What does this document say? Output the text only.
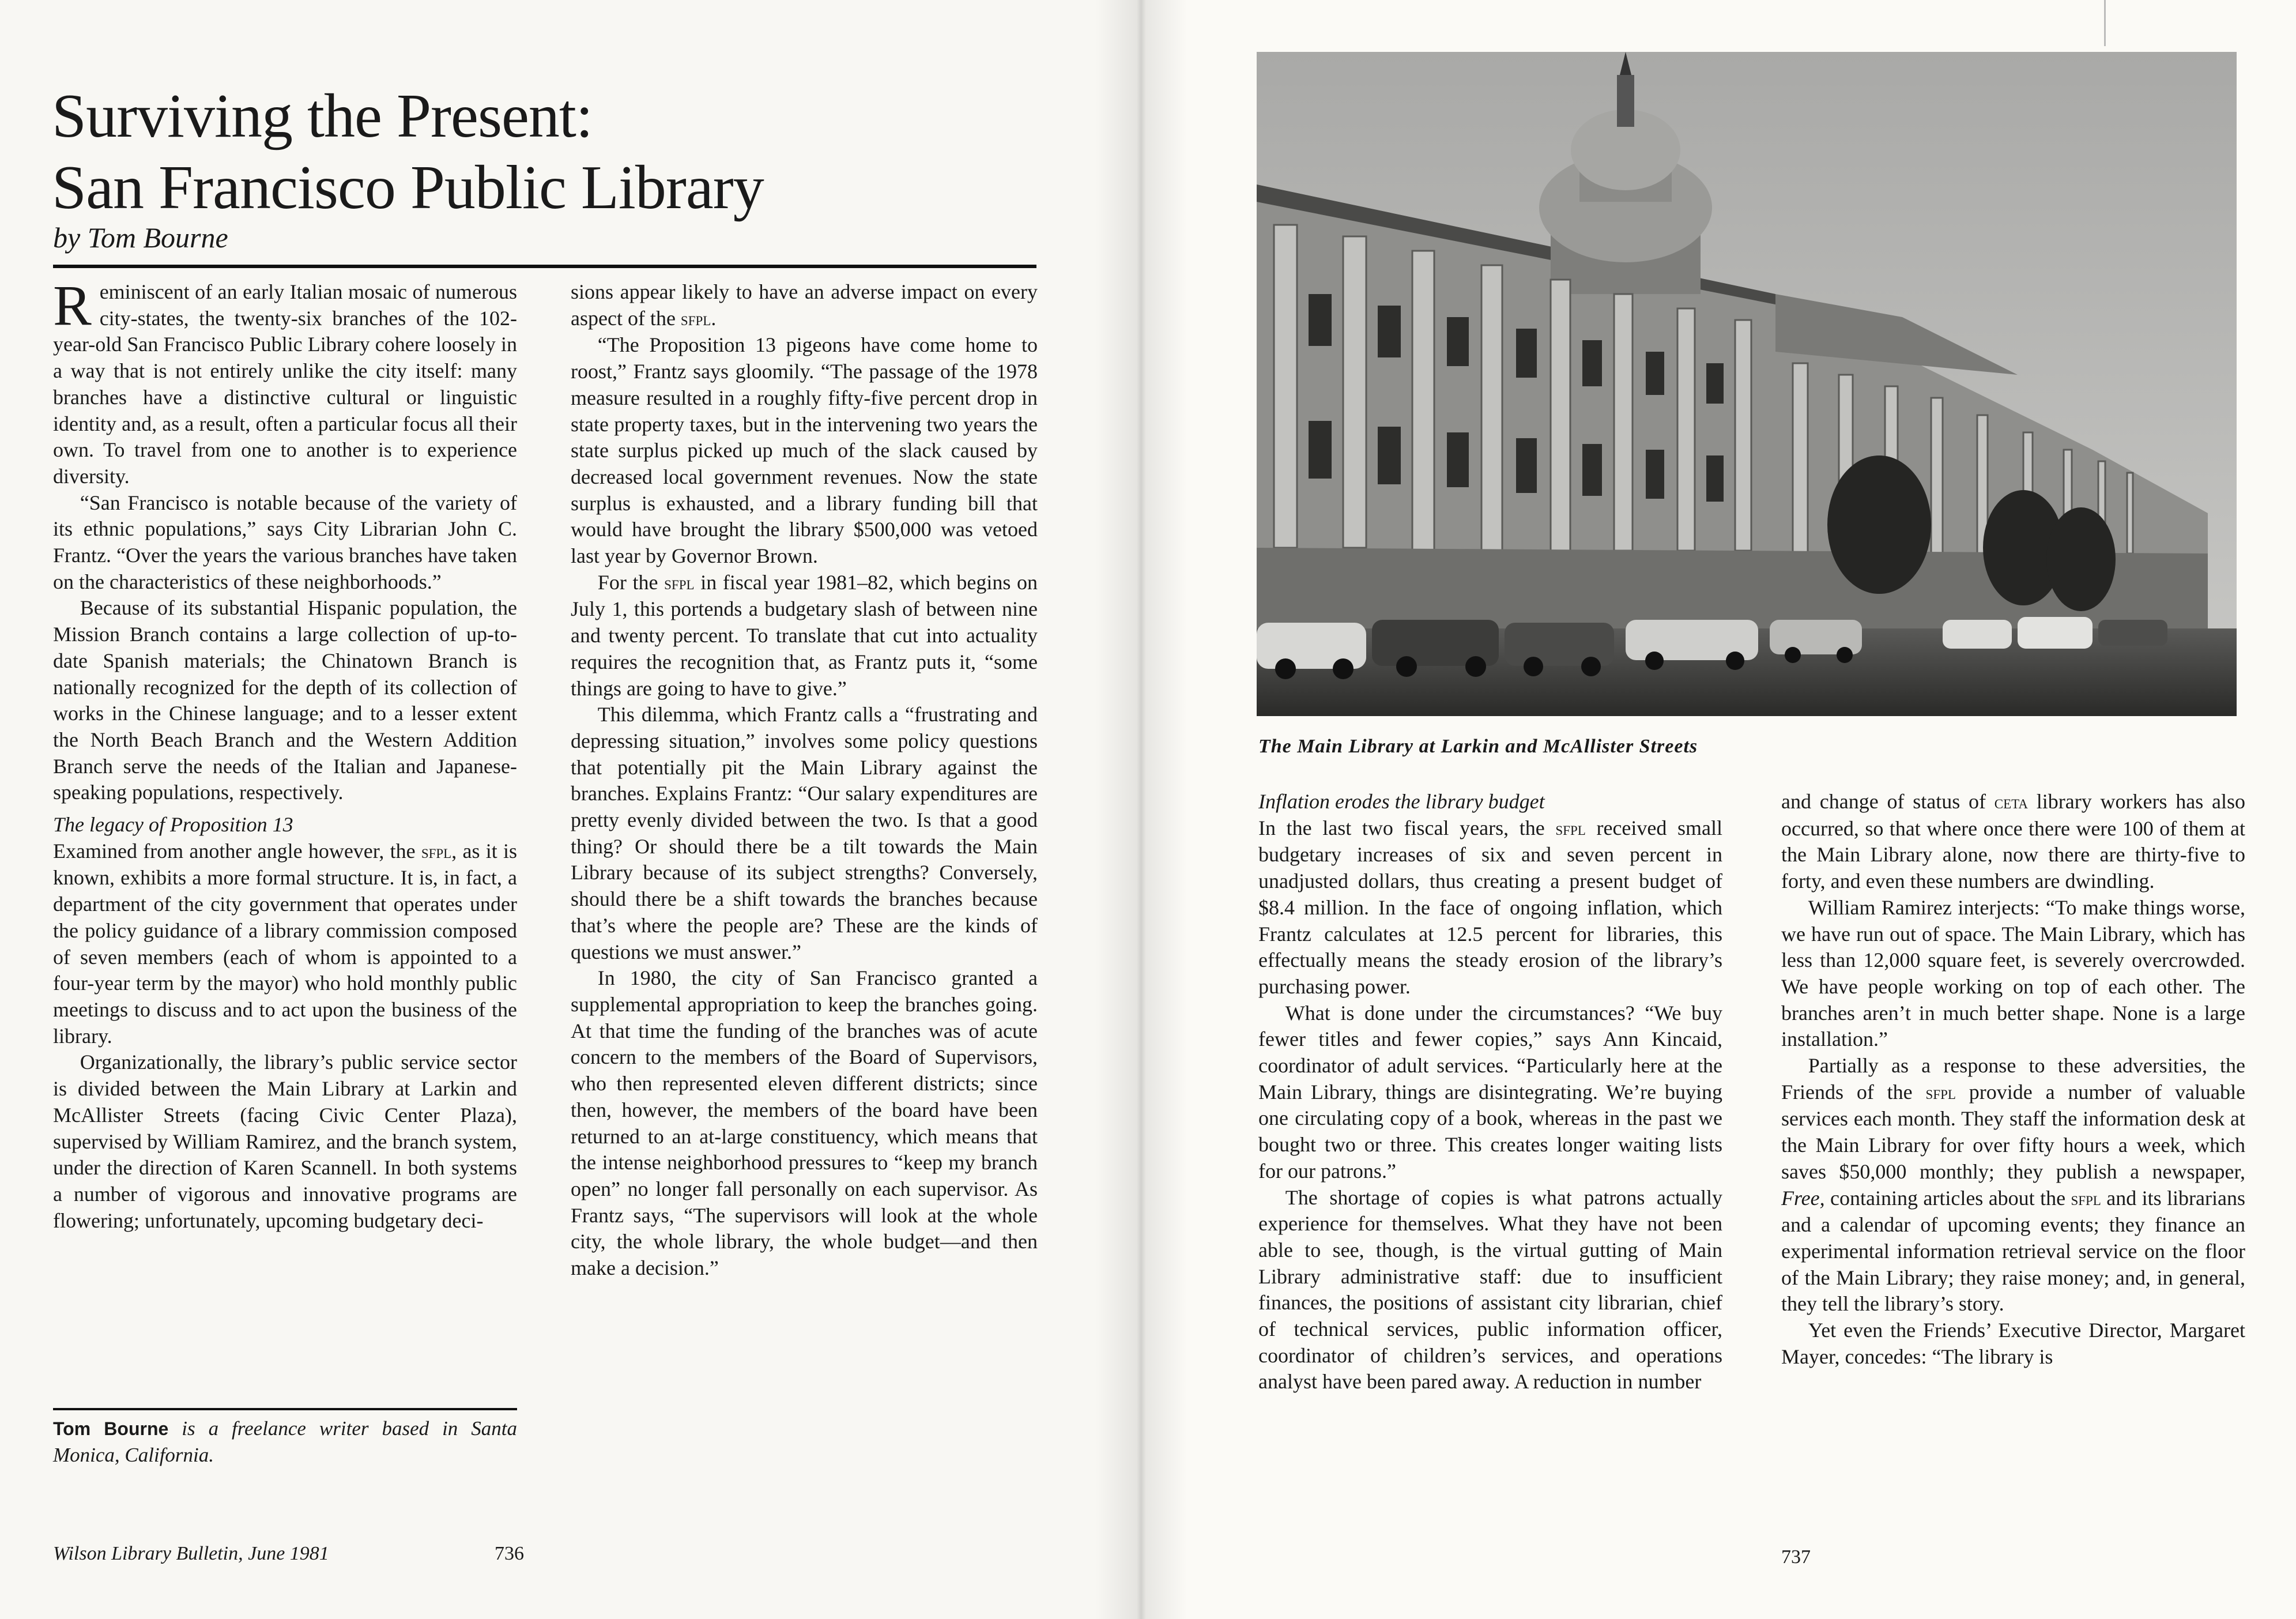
Surviving the Present:
San Francisco Public Library
by Tom Bourne

Reminiscent of an early Italian mosaic of numerous city-states, the twenty-six branches of the 102-year-old San Francisco Public Library cohere loosely in a way that is not entirely unlike the city itself: many branches have a distinctive cultural or linguistic identity and, as a result, often a particular focus all their own. To travel from one to another is to experience diversity.

“San Francisco is notable because of the variety of its ethnic populations,” says City Librarian John C. Frantz. “Over the years the various branches have taken on the characteristics of these neighborhoods.”

Because of its substantial Hispanic population, the Mission Branch contains a large collection of up-to-date Spanish materials; the Chinatown Branch is nationally recognized for the depth of its collection of works in the Chinese language; and to a lesser extent the North Beach Branch and the Western Addition Branch serve the needs of the Italian and Japanese-speaking populations, respectively.

The legacy of Proposition 13

Examined from another angle however, the sfpl, as it is known, exhibits a more formal structure. It is, in fact, a department of the city government that operates under the policy guidance of a library commission composed of seven members (each of whom is appointed to a four-year term by the mayor) who hold monthly public meetings to discuss and to act upon the business of the library.

Organizationally, the library’s public service sector is divided between the Main Library at Larkin and McAllister Streets (facing Civic Center Plaza), supervised by William Ramirez, and the branch system, under the direction of Karen Scannell. In both systems a number of vigorous and innovative programs are flowering; unfortunately, upcoming budgetary deci-

sions appear likely to have an adverse impact on every aspect of the sfpl.

“The Proposition 13 pigeons have come home to roost,” Frantz says gloomily. “The passage of the 1978 measure resulted in a roughly fifty-five percent drop in state property taxes, but in the intervening two years the state surplus picked up much of the slack caused by decreased local government revenues. Now the state surplus is exhausted, and a library funding bill that would have brought the library $500,000 was vetoed last year by Governor Brown.

For the sfpl in fiscal year 1981–82, which begins on July 1, this portends a budgetary slash of between nine and twenty percent. To translate that cut into actuality requires the recognition that, as Frantz puts it, “some things are going to have to give.”

This dilemma, which Frantz calls a “frustrating and depressing situation,” involves some policy questions that potentially pit the Main Library against the branches. Explains Frantz: “Our salary expenditures are pretty evenly divided between the two. Is that a good thing? Or should there be a tilt towards the Main Library because of its subject strengths? Conversely, should there be a shift towards the branches because that’s where the people are? These are the kinds of questions we must answer.”

In 1980, the city of San Francisco granted a supplemental appropriation to keep the branches going. At that time the funding of the branches was of acute concern to the members of the Board of Supervisors, who then represented eleven different districts; since then, however, the members of the board have been returned to an at-large constituency, which means that the intense neighborhood pressures to “keep my branch open” no longer fall personally on each supervisor. As Frantz says, “The supervisors will look at the whole city, the whole library, the whole budget—and then make a decision.”

Tom Bourne is a freelance writer based in Santa Monica, California.
Wilson Library Bulletin, June 1981	736
The Main Library at Larkin and McAllister Streets
Inflation erodes the library budget

In the last two fiscal years, the sfpl received small budgetary increases of six and seven percent in unadjusted dollars, thus creating a present budget of $8.4 million. In the face of ongoing inflation, which Frantz calculates at 12.5 percent for libraries, this effectually means the steady erosion of the library’s purchasing power.

What is done under the circumstances? “We buy fewer titles and fewer copies,” says Ann Kincaid, coordinator of adult services. “Particularly here at the Main Library, things are disintegrating. We’re buying one circulating copy of a book, whereas in the past we bought two or three. This creates longer waiting lists for our patrons.”

The shortage of copies is what patrons actually experience for themselves. What they have not been able to see, though, is the virtual gutting of Main Library administrative staff: due to insufficient finances, the positions of assistant city librarian, chief of technical services, public information officer, coordinator of children’s services, and operations analyst have been pared away. A reduction in number

and change of status of ceta library workers has also occurred, so that where once there were 100 of them at the Main Library alone, now there are thirty-five to forty, and even these numbers are dwindling.

William Ramirez interjects: “To make things worse, we have run out of space. The Main Library, which has less than 12,000 square feet, is severely overcrowded. We have people working on top of each other. The branches aren’t in much better shape. None is a large installation.”

Partially as a response to these adversities, the Friends of the sfpl provide a number of valuable services each month. They staff the information desk at the Main Library for over fifty hours a week, which saves $50,000 monthly; they publish a newspaper, Free, containing articles about the sfpl and its librarians and a calendar of upcoming events; they finance an experimental information retrieval service on the floor of the Main Library; they raise money; and, in general, they tell the library’s story.

Yet even the Friends’ Executive Director, Margaret Mayer, concedes: “The library is

737
